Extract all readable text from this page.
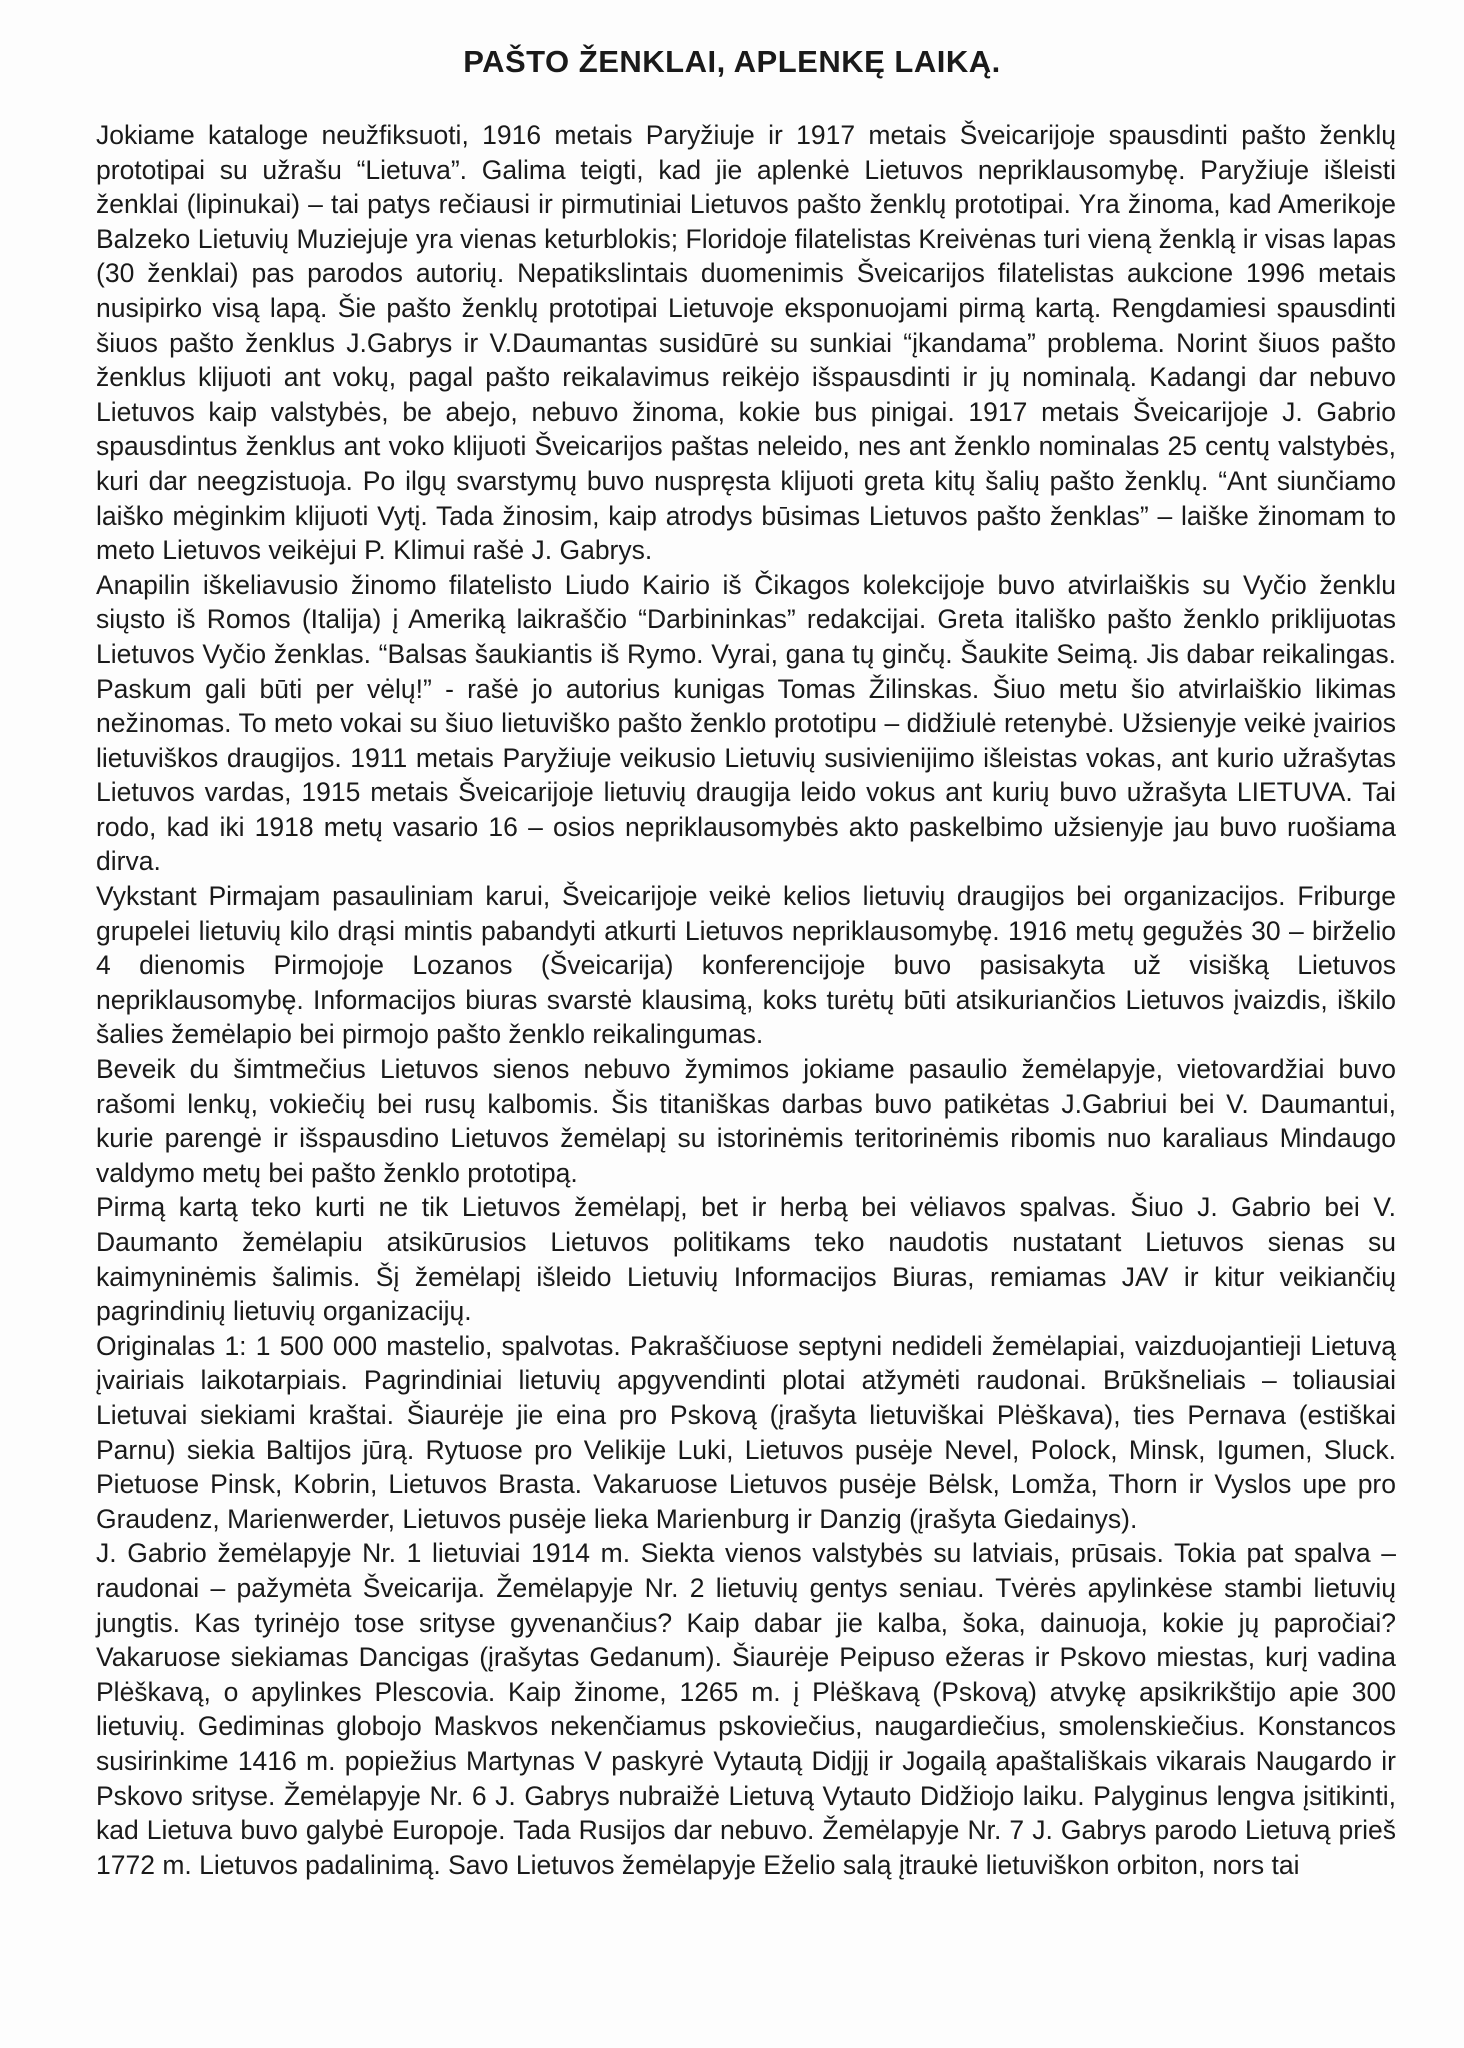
PAŠTO ŽENKLAI, APLENKĘ LAIKĄ.

Jokiame kataloge neužfiksuoti, 1916 metais Paryžiuje ir 1917 metais Šveicarijoje spausdinti pašto ženklų prototipai su užrašu “Lietuva”. Galima teigti, kad jie aplenkė Lietuvos nepriklausomybę. Paryžiuje išleisti ženklai (lipinukai) – tai patys rečiausi ir pirmutiniai Lietuvos pašto ženklų prototipai. Yra žinoma, kad Amerikoje Balzeko Lietuvių Muziejuje yra vienas keturblokis; Floridoje filatelistas Kreivėnas turi vieną ženklą ir visas lapas (30 ženklai) pas parodos autorių. Nepatikslintais duomenimis Šveicarijos filatelistas aukcione 1996 metais nusipirko visą lapą. Šie pašto ženklų prototipai Lietuvoje eksponuojami pirmą kartą. Rengdamiesi spausdinti šiuos pašto ženklus J.Gabrys ir V.Daumantas susidūrė su sunkiai “įkandama” problema. Norint šiuos pašto ženklus klijuoti ant vokų, pagal pašto reikalavimus reikėjo išspausdinti ir jų nominalą. Kadangi dar nebuvo Lietuvos kaip valstybės, be abejo, nebuvo žinoma, kokie bus pinigai. 1917 metais Šveicarijoje J. Gabrio spausdintus ženklus ant voko klijuoti Šveicarijos paštas neleido, nes ant ženklo nominalas 25 centų valstybės, kuri dar neegzistuoja. Po ilgų svarstymų buvo nuspręsta klijuoti greta kitų šalių pašto ženklų. “Ant siunčiamo laiško mėginkim klijuoti Vytį. Tada žinosim, kaip atrodys būsimas Lietuvos pašto ženklas” – laiške žinomam to meto Lietuvos veikėjui P. Klimui rašė J. Gabrys.

Anapilin iškeliavusio žinomo filatelisto Liudo Kairio iš Čikagos kolekcijoje buvo atvirlaiškis su Vyčio ženklu siųsto iš Romos (Italija) į Ameriką laikraščio “Darbininkas” redakcijai. Greta itališko pašto ženklo priklijuotas Lietuvos Vyčio ženklas. “Balsas šaukiantis iš Rymo. Vyrai, gana tų ginčų. Šaukite Seimą. Jis dabar reikalingas. Paskum gali būti per vėlų!” - rašė jo autorius kunigas Tomas Žilinskas. Šiuo metu šio atvirlaiškio likimas nežinomas. To meto vokai su šiuo lietuviško pašto ženklo prototipu – didžiulė retenybė. Užsienyje veikė įvairios lietuviškos draugijos. 1911 metais Paryžiuje veikusio Lietuvių susivienijimo išleistas vokas, ant kurio užrašytas Lietuvos vardas, 1915 metais Šveicarijoje lietuvių draugija leido vokus ant kurių buvo užrašyta LIETUVA. Tai rodo, kad iki 1918 metų vasario 16 – osios nepriklausomybės akto paskelbimo užsienyje jau buvo ruošiama dirva.

Vykstant Pirmajam pasauliniam karui, Šveicarijoje veikė kelios lietuvių draugijos bei organizacijos. Friburge grupelei lietuvių kilo drąsi mintis pabandyti atkurti Lietuvos nepriklausomybę. 1916 metų gegužės 30 – birželio 4 dienomis Pirmojoje Lozanos (Šveicarija) konferencijoje buvo pasisakyta už visišką Lietuvos nepriklausomybę. Informacijos biuras svarstė klausimą, koks turėtų būti atsikuriančios Lietuvos įvaizdis, iškilo šalies žemėlapio bei pirmojo pašto ženklo reikalingumas.

Beveik du šimtmečius Lietuvos sienos nebuvo žymimos jokiame pasaulio žemėlapyje, vietovardžiai buvo rašomi lenkų, vokiečių bei rusų kalbomis. Šis titaniškas darbas buvo patikėtas J.Gabriui bei V. Daumantui, kurie parengė ir išspausdino Lietuvos žemėlapį su istorinėmis teritorinėmis ribomis nuo karaliaus Mindaugo valdymo metų bei pašto ženklo prototipą.

Pirmą kartą teko kurti ne tik Lietuvos žemėlapį, bet ir herbą bei vėliavos spalvas. Šiuo J. Gabrio bei V. Daumanto žemėlapiu atsikūrusios Lietuvos politikams teko naudotis nustatant Lietuvos sienas su kaimyninėmis šalimis. Šį žemėlapį išleido Lietuvių Informacijos Biuras, remiamas JAV ir kitur veikiančių pagrindinių lietuvių organizacijų.

Originalas 1: 1 500 000 mastelio, spalvotas. Pakraščiuose septyni nedideli žemėlapiai, vaizduojantieji Lietuvą įvairiais laikotarpiais. Pagrindiniai lietuvių apgyvendinti plotai atžymėti raudonai. Brūkšneliais – toliausiai Lietuvai siekiami kraštai. Šiaurėje jie eina pro Pskovą (įrašyta lietuviškai Plėškava), ties Pernava (estiškai Parnu) siekia Baltijos jūrą. Rytuose pro Velikije Luki, Lietuvos pusėje Nevel, Polock, Minsk, Igumen, Sluck. Pietuose Pinsk, Kobrin, Lietuvos Brasta. Vakaruose Lietuvos pusėje Bėlsk, Lomža, Thorn ir Vyslos upe pro Graudenz, Marienwerder, Lietuvos pusėje lieka Marienburg ir Danzig (įrašyta Giedainys).

J. Gabrio žemėlapyje Nr. 1 lietuviai 1914 m. Siekta vienos valstybės su latviais, prūsais. Tokia pat spalva – raudonai – pažymėta Šveicarija. Žemėlapyje Nr. 2 lietuvių gentys seniau. Tvėrės apylinkėse stambi lietuvių jungtis. Kas tyrinėjo tose srityse gyvenančius? Kaip dabar jie kalba, šoka, dainuoja, kokie jų papročiai? Vakaruose siekiamas Dancigas (įrašytas Gedanum). Šiaurėje Peipuso ežeras ir Pskovo miestas, kurį vadina Plėškavą, o apylinkes Plescovia. Kaip žinome, 1265 m. į Plėškavą (Pskovą) atvykę apsikrikštijo apie 300 lietuvių. Gediminas globojo Maskvos nekenčiamus pskoviečius, naugardiečius, smolenskiečius. Konstancos susirinkime 1416 m. popiežius Martynas V paskyrė Vytautą Didįjį ir Jogailą apaštališkais vikarais Naugardo ir Pskovo srityse. Žemėlapyje Nr. 6 J. Gabrys nubraižė Lietuvą Vytauto Didžiojo laiku. Palyginus lengva įsitikinti, kad Lietuva buvo galybė Europoje. Tada Rusijos dar nebuvo. Žemėlapyje Nr. 7 J. Gabrys parodo Lietuvą prieš 1772 m. Lietuvos padalinimą. Savo Lietuvos žemėlapyje Eželio salą įtraukė lietuviškon orbiton, nors tai
